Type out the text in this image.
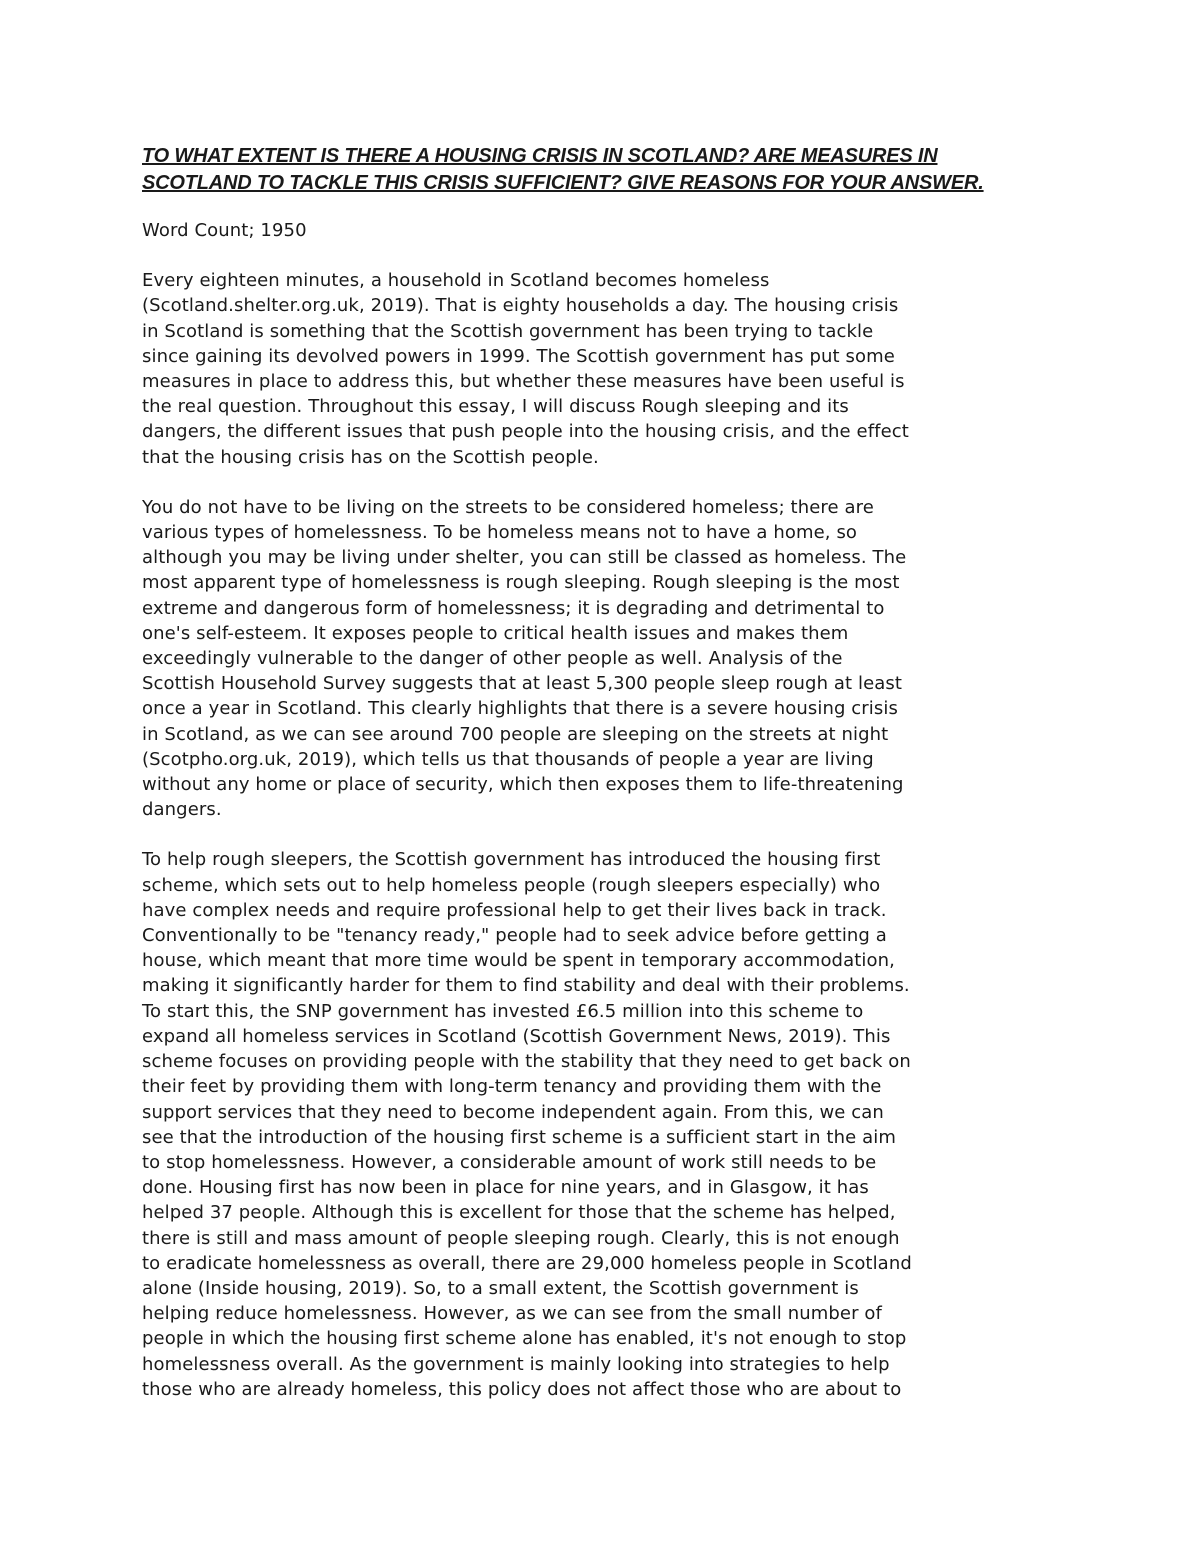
TO WHAT EXTENT IS THERE A HOUSING CRISIS IN SCOTLAND? ARE MEASURES IN
SCOTLAND TO TACKLE THIS CRISIS SUFFICIENT? GIVE REASONS FOR YOUR ANSWER.

Word Count; 1950

Every eighteen minutes, a household in Scotland becomes homeless
(Scotland.shelter.org.uk, 2019). That is eighty households a day. The housing crisis
in Scotland is something that the Scottish government has been trying to tackle
since gaining its devolved powers in 1999. The Scottish government has put some
measures in place to address this, but whether these measures have been useful is
the real question. Throughout this essay, I will discuss Rough sleeping and its
dangers, the different issues that push people into the housing crisis, and the effect
that the housing crisis has on the Scottish people.

You do not have to be living on the streets to be considered homeless; there are
various types of homelessness. To be homeless means not to have a home, so
although you may be living under shelter, you can still be classed as homeless. The
most apparent type of homelessness is rough sleeping. Rough sleeping is the most
extreme and dangerous form of homelessness; it is degrading and detrimental to
one's self-esteem. It exposes people to critical health issues and makes them
exceedingly vulnerable to the danger of other people as well. Analysis of the
Scottish Household Survey suggests that at least 5,300 people sleep rough at least
once a year in Scotland. This clearly highlights that there is a severe housing crisis
in Scotland, as we can see around 700 people are sleeping on the streets at night
(Scotpho.org.uk, 2019), which tells us that thousands of people a year are living
without any home or place of security, which then exposes them to life-threatening
dangers.

To help rough sleepers, the Scottish government has introduced the housing first
scheme, which sets out to help homeless people (rough sleepers especially) who
have complex needs and require professional help to get their lives back in track.
Conventionally to be "tenancy ready," people had to seek advice before getting a
house, which meant that more time would be spent in temporary accommodation,
making it significantly harder for them to find stability and deal with their problems.
To start this, the SNP government has invested £6.5 million into this scheme to
expand all homeless services in Scotland (Scottish Government News, 2019). This
scheme focuses on providing people with the stability that they need to get back on
their feet by providing them with long-term tenancy and providing them with the
support services that they need to become independent again. From this, we can
see that the introduction of the housing first scheme is a sufficient start in the aim
to stop homelessness. However, a considerable amount of work still needs to be
done. Housing first has now been in place for nine years, and in Glasgow, it has
helped 37 people. Although this is excellent for those that the scheme has helped,
there is still and mass amount of people sleeping rough. Clearly, this is not enough
to eradicate homelessness as overall, there are 29,000 homeless people in Scotland
alone (Inside housing, 2019). So, to a small extent, the Scottish government is
helping reduce homelessness. However, as we can see from the small number of
people in which the housing first scheme alone has enabled, it's not enough to stop
homelessness overall. As the government is mainly looking into strategies to help
those who are already homeless, this policy does not affect those who are about to
